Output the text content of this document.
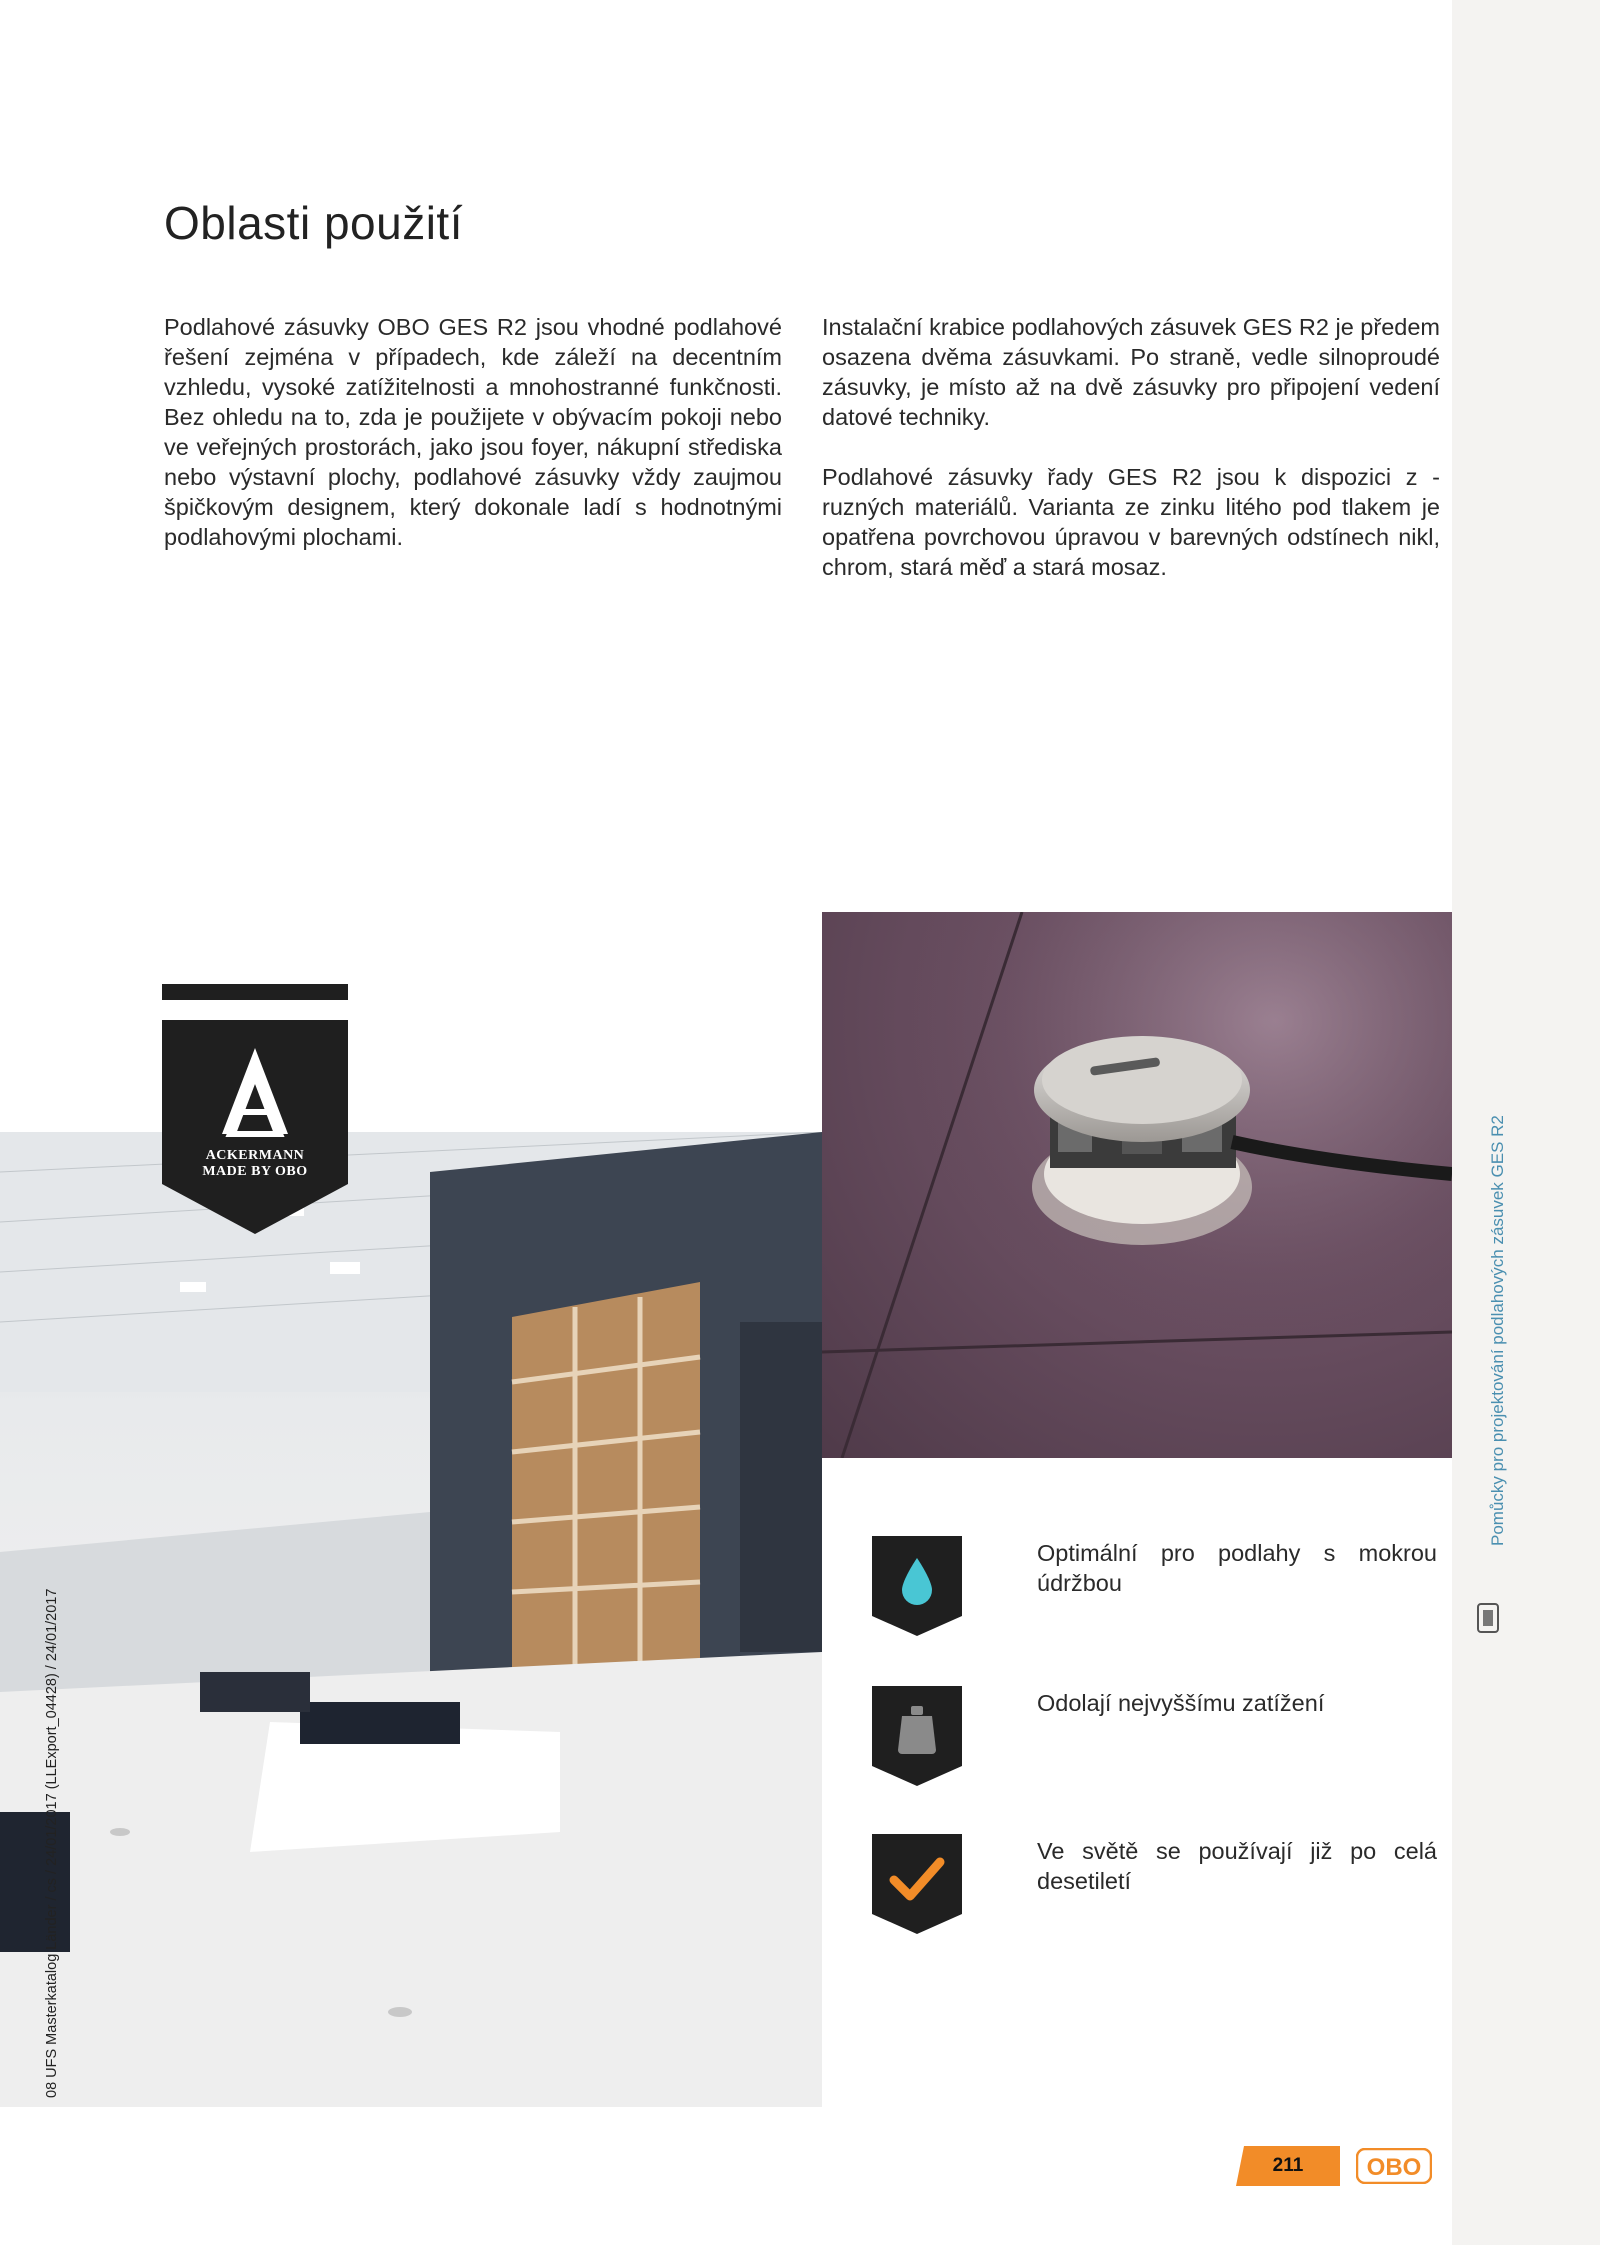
Oblasti použití

Podlahové zásuvky OBO GES R2 jsou vhodné podlahové řešení zejména v případech, kde záleží na decentním vzhledu, vysoké zatížitelnosti a mnohostranné funkčnosti. Bez ohledu na to, zda je použijete v obývacím pokoji nebo ve veřejných prostorách, jako jsou foyer, nákupní střediska nebo výstavní plochy, podlahové zásuvky vždy zaujmou špičkovým designem, který dokonale ladí s hodnotnými podlahovými plochami.

Instalační krabice podlahových zásuvek GES R2 je předem osazena dvěma zásuvkami. Po straně, vedle silnoproudé zásuvky, je místo až na dvě zásuvky pro připojení vedení datové techniky.

Podlahové zásuvky řady GES R2 jsou k dispozici z ‑ ruzných materiálů. Varianta ze zinku litého pod tlakem je opatřena povrchovou úpravou v barevných odstínech nikl, chrom, stará měď a stará mosaz.

ACKERMANN
MADE BY OBO
Optimální pro podlahy s mokrou údržbou
Odolají nejvyššímu zatížení
Ve světě se používají již po celá desetiletí
Pomůcky pro projektování podlahových zásuvek GES R2
08 UFS Masterkatalog Länder / cs / 24/01/2017 (LLExport_04428) / 24/01/2017
211	OBO
